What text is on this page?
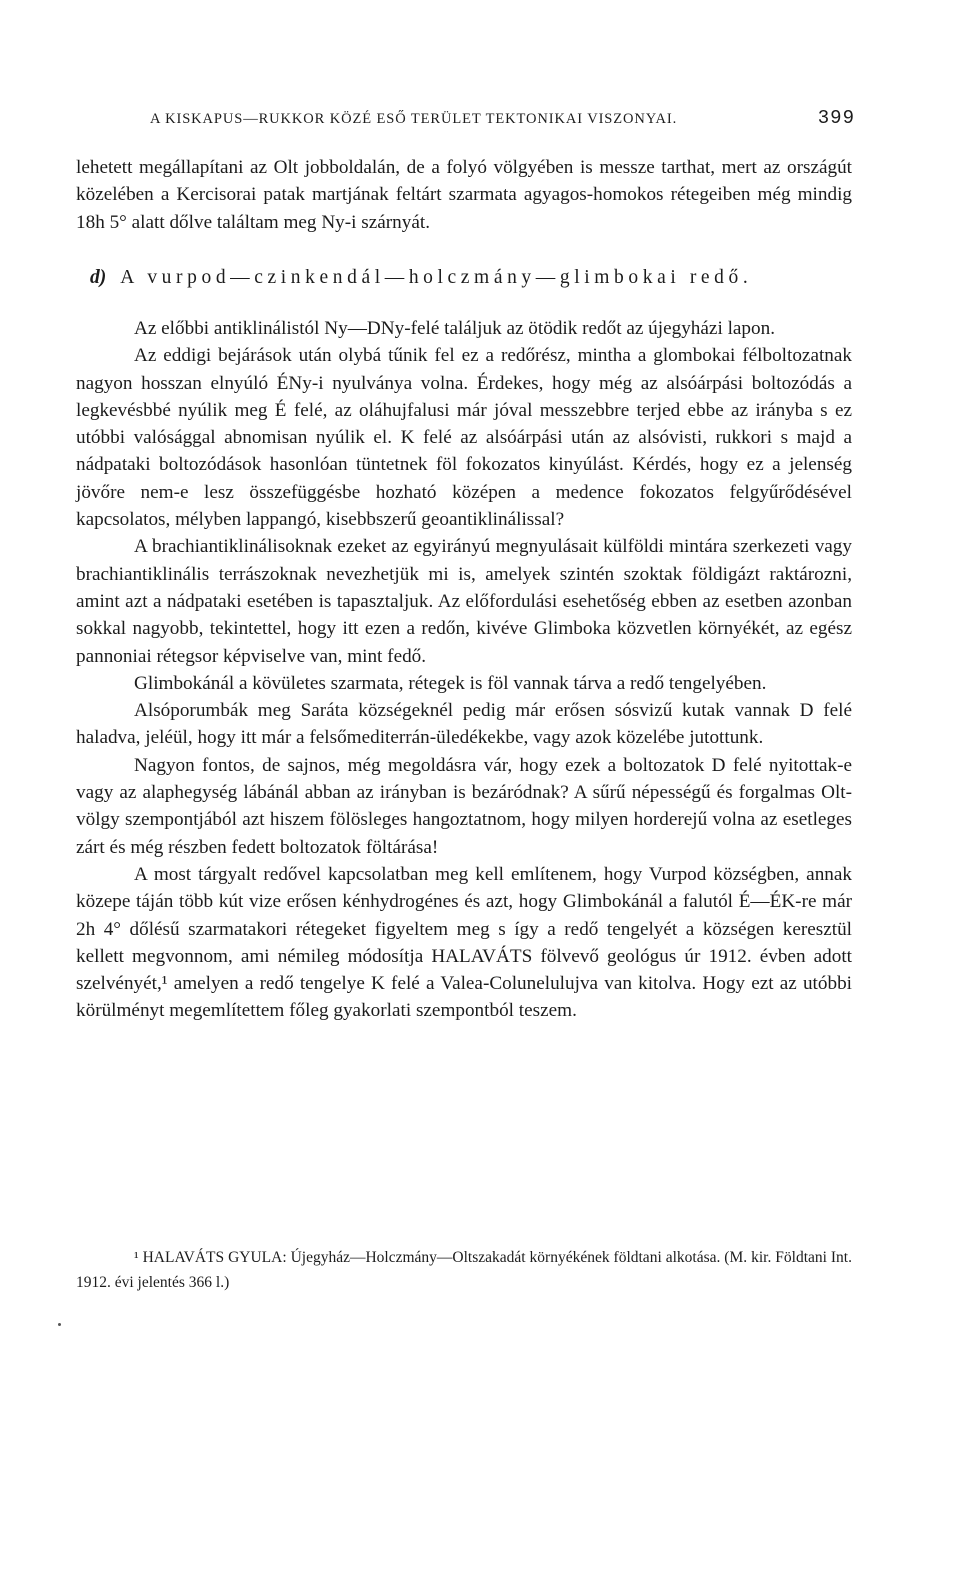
A KISKAPUS—RUKKOR KÖZÉ ESŐ TERÜLET TEKTONIKAI VISZONYAI.	399

lehetett megállapítani az Olt jobboldalán, de a folyó völgyében is messze tarthat, mert az országút közelében a Kercisorai patak martjának feltárt szarmata agyagos-homokos rétegeiben még mindig 18h 5° alatt dőlve találtam meg Ny-i szárnyát.

d) A vurpod—czinkendál—holczmány—glimbokai redő.

Az előbbi antiklinálistól Ny—DNy-felé találjuk az ötödik redőt az újegyházi lapon.

Az eddigi bejárások után olybá tűnik fel ez a redőrész, mintha a glombokai félboltozatnak nagyon hosszan elnyúló ÉNy-i nyulványa volna. Érdekes, hogy még az alsóárpási boltozódás a legkevésbbé nyúlik meg É felé, az oláhujfalusi már jóval messzebbre terjed ebbe az irányba s ez utóbbi valósággal abnomisan nyúlik el. K felé az alsóárpási után az alsóvisti, rukkori s majd a nádpataki boltozódások hasonlóan tüntetnek föl fokozatos kinyúlást. Kérdés, hogy ez a jelenség jövőre nem-e lesz összefüggésbe hozható középen a medence fokozatos felgyűrődésével kapcsolatos, mélyben lappangó, kisebbszerű geoantiklinálissal?

A brachiantiklinálisoknak ezeket az egyirányú megnyulásait külföldi mintára szerkezeti vagy brachiantiklinális terrászoknak nevezhetjük mi is, amelyek szintén szoktak földigázt raktározni, amint azt a nádpataki esetében is tapasztaljuk. Az előfordulási esehetőség ebben az esetben azonban sokkal nagyobb, tekintettel, hogy itt ezen a redőn, kivéve Glimboka közvetlen környékét, az egész pannoniai rétegsor képviselve van, mint fedő.

Glimbokánál a kövületes szarmata, rétegek is föl vannak tárva a redő tengelyében.

Alsóporumbák meg Saráta községeknél pedig már erősen sósvizű kutak vannak D felé haladva, jeléül, hogy itt már a felsőmediterrán-üledékekbe, vagy azok közelébe jutottunk.

Nagyon fontos, de sajnos, még megoldásra vár, hogy ezek a boltozatok D felé nyitottak-e vagy az alaphegység lábánál abban az irányban is bezáródnak? A sűrű népességű és forgalmas Olt-völgy szempontjából azt hiszem fölösleges hangoztatnom, hogy milyen horderejű volna az esetleges zárt és még részben fedett boltozatok föltárása!

A most tárgyalt redővel kapcsolatban meg kell említenem, hogy Vurpod községben, annak közepe táján több kút vize erősen kénhydrogénes és azt, hogy Glimbokánál a falutól É—ÉK-re már 2h 4° dőlésű szarmatakori rétegeket figyeltem meg s így a redő tengelyét a községen keresztül kellett megvonnom, ami némileg módosítja HALAVÁTS fölvevő geológus úr 1912. évben adott szelvényét,¹ amelyen a redő tengelye K felé a Valea-Colunelulujva van kitolva. Hogy ezt az utóbbi körülményt megemlítettem főleg gyakorlati szempontból teszem.

¹ HALAVÁTS GYULA: Újegyház—Holczmány—Oltszakadát környékének földtani alkotása. (M. kir. Földtani Int. 1912. évi jelentés 366 l.)
